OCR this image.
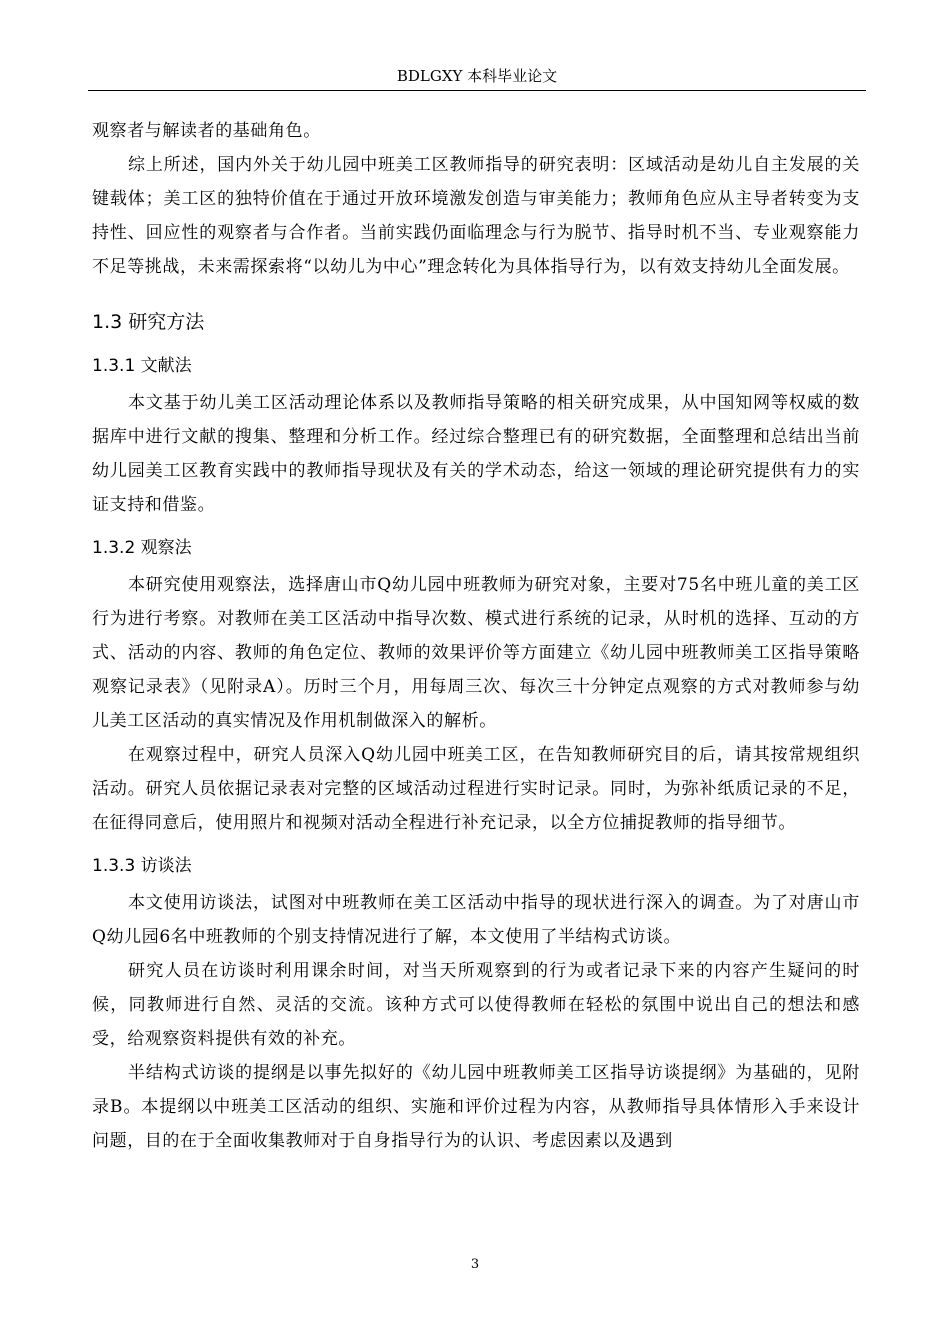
BDLGXY 本科毕业论文

观察者与解读者的基础角色。

综上所述，国内外关于幼儿园中班美工区教师指导的研究表明：区域活动是幼儿自主发展的关键载体；美工区的独特价值在于通过开放环境激发创造与审美能力；教师角色应从主导者转变为支持性、回应性的观察者与合作者。当前实践仍面临理念与行为脱节、指导时机不当、专业观察能力不足等挑战，未来需探索将“以幼儿为中心”理念转化为具体指导行为，以有效支持幼儿全面发展。

1.3 研究方法
1.3.1 文献法

本文基于幼儿美工区活动理论体系以及教师指导策略的相关研究成果，从中国知网等权威的数据库中进行文献的搜集、整理和分析工作。经过综合整理已有的研究数据，全面整理和总结出当前幼儿园美工区教育实践中的教师指导现状及有关的学术动态，给这一领域的理论研究提供有力的实证支持和借鉴。

1.3.2 观察法

本研究使用观察法，选择唐山市Q幼儿园中班教师为研究对象，主要对75名中班儿童的美工区行为进行考察。对教师在美工区活动中指导次数、模式进行系统的记录，从时机的选择、互动的方式、活动的内容、教师的角色定位、教师的效果评价等方面建立《幼儿园中班教师美工区指导策略观察记录表》（见附录A）。历时三个月，用每周三次、每次三十分钟定点观察的方式对教师参与幼儿美工区活动的真实情况及作用机制做深入的解析。

在观察过程中，研究人员深入Q幼儿园中班美工区，在告知教师研究目的后，请其按常规组织活动。研究人员依据记录表对完整的区域活动过程进行实时记录。同时，为弥补纸质记录的不足，在征得同意后，使用照片和视频对活动全程进行补充记录，以全方位捕捉教师的指导细节。

1.3.3 访谈法

本文使用访谈法，试图对中班教师在美工区活动中指导的现状进行深入的调查。为了对唐山市Q幼儿园6名中班教师的个别支持情况进行了解，本文使用了半结构式访谈。

研究人员在访谈时利用课余时间，对当天所观察到的行为或者记录下来的内容产生疑问的时候，同教师进行自然、灵活的交流。该种方式可以使得教师在轻松的氛围中说出自己的想法和感受，给观察资料提供有效的补充。

半结构式访谈的提纲是以事先拟好的《幼儿园中班教师美工区指导访谈提纲》为基础的，见附录B。本提纲以中班美工区活动的组织、实施和评价过程为内容，从教师指导具体情形入手来设计问题，目的在于全面收集教师对于自身指导行为的认识、考虑因素以及遇到

3
